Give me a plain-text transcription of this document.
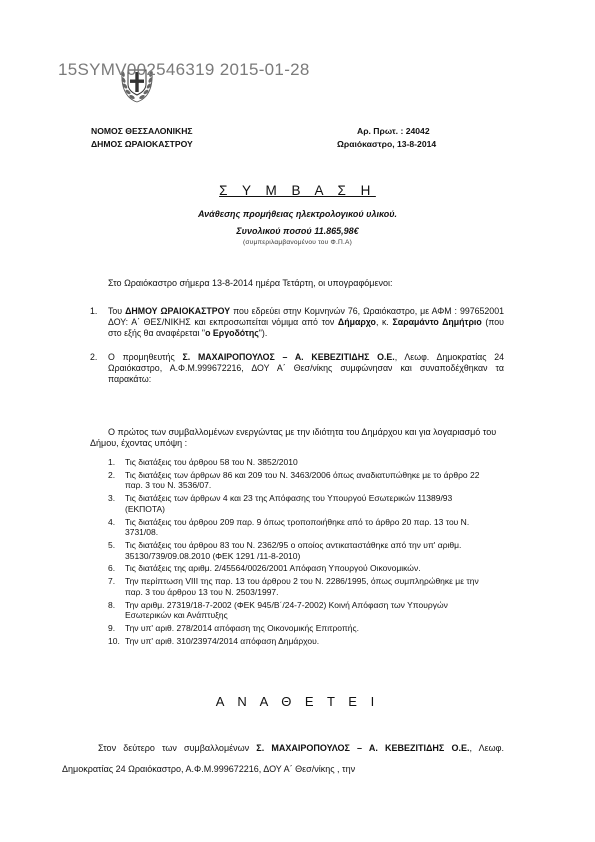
15SYMV002546319 2015-01-28
ΝΟΜΟΣ ΘΕΣΣΑΛΟΝΙΚΗΣ
ΔΗΜΟΣ ΩΡΑΙΟΚΑΣΤΡΟΥ
Αρ. Πρωτ. : 24042
Ωραιόκαστρο, 13-8-2014
Σ Υ Μ Β Α Σ Η
Ανάθεσης προμήθειας ηλεκτρολογικού υλικού.
Συνολικού ποσού 11.865,98€
(συμπεριλαμβανομένου του Φ.Π.Α)
Στο Ωραιόκαστρο σήμερα 13-8-2014 ημέρα Τετάρτη, οι υπογραφόμενοι:
1.	Του ΔΗΜΟΥ ΩΡΑΙΟΚΑΣΤΡΟΥ που εδρεύει στην Κομνηνών 76, Ωραιόκαστρο, με ΑΦΜ : 997652001 ΔΟΥ: Α΄ ΘΕΣ/ΝΙΚΗΣ και εκπροσωπείται νόμιμα από τον Δήμαρχο, κ. Σαραμάντο Δημήτριο (που στο εξής θα αναφέρεται "ο Εργοδότης").
2.	Ο προμηθευτής Σ. ΜΑΧΑΙΡΟΠΟΥΛΟΣ – Α. ΚΕΒΕΖΙΤΙΔΗΣ Ο.Ε., Λεωφ. Δημοκρατίας 24 Ωραιόκαστρο, Α.Φ.Μ.999672216, ΔΟΥ Α΄ Θεσ/νίκης συμφώνησαν και συναποδέχθηκαν τα παρακάτω:
Ο πρώτος των συμβαλλομένων ενεργώντας με την ιδιότητα του Δημάρχου και για λογαριασμό του Δήμου, έχοντας υπόψη :
1. Τις διατάξεις του άρθρου 58 του Ν. 3852/2010
2. Τις διατάξεις των άρθρων 86 και 209 του Ν. 3463/2006 όπως αναδιατυπώθηκε με το άρθρο 22 παρ. 3 του Ν. 3536/07.
3. Τις διατάξεις των άρθρων 4 και 23 της Απόφασης του Υπουργού Εσωτερικών 11389/93 (ΕΚΠΟΤΑ)
4. Τις διατάξεις του άρθρου 209 παρ. 9 όπως τροποποιήθηκε από το άρθρο 20 παρ. 13 του Ν. 3731/08.
5. Τις διατάξεις του άρθρου 83 του Ν. 2362/95 ο οποίος αντικαταστάθηκε από την υπ' αριθμ. 35130/739/09.08.2010 (ΦΕΚ 1291 /11-8-2010)
6. Τις διατάξεις της αριθμ. 2/45564/0026/2001 Απόφαση Υπουργού Οικονομικών.
7. Την περίπτωση VIII της παρ. 13 του άρθρου 2 του Ν. 2286/1995, όπως συμπληρώθηκε με την παρ. 3 του άρθρου 13 του Ν. 2503/1997.
8. Την αριθμ. 27319/18-7-2002 (ΦΕΚ 945/Β΄/24-7-2002) Κοινή Απόφαση των Υπουργών Εσωτερικών και Ανάπτυξης
9. Την υπ' αριθ. 278/2014 απόφαση της Οικονομικής Επιτροπής.
10. Την υπ' αριθ. 310/23974/2014 απόφαση Δημάρχου.
Α Ν Α Θ Ε Τ Ε Ι
Στον δεύτερο των συμβαλλομένων Σ. ΜΑΧΑΙΡΟΠΟΥΛΟΣ – Α. ΚΕΒΕΖΙΤΙΔΗΣ Ο.Ε., Λεωφ. Δημοκρατίας 24 Ωραιόκαστρο, Α.Φ.Μ.999672216, ΔΟΥ Α΄ Θεσ/νίκης , την
